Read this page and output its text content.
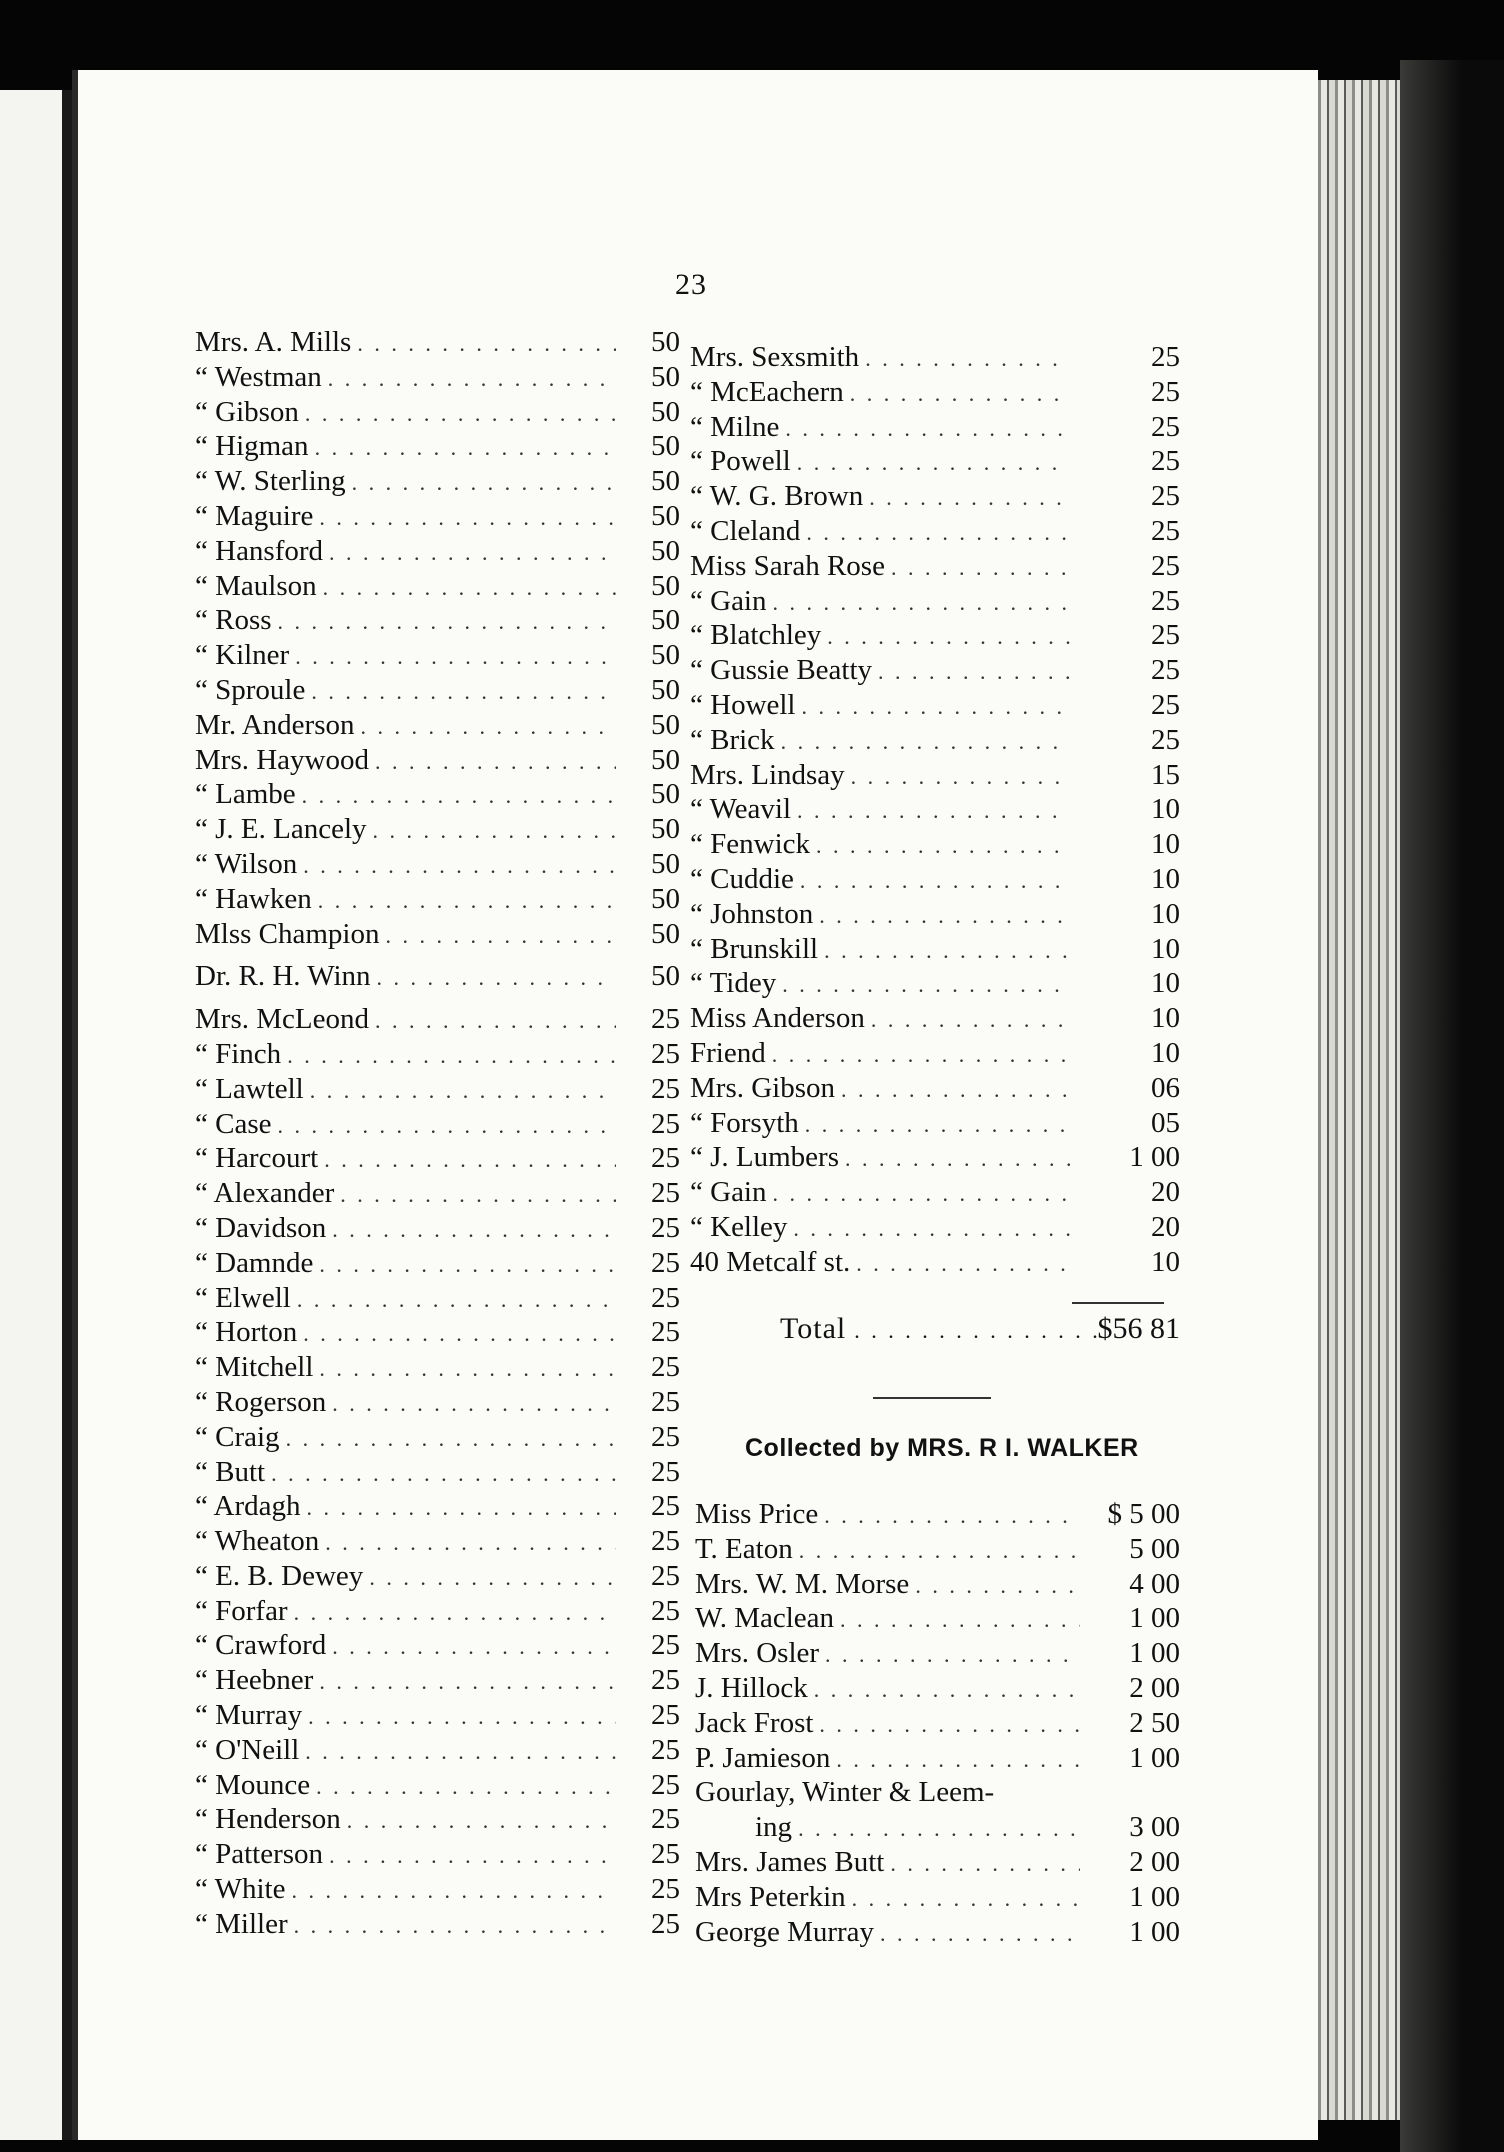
23
Mrs. A. Mills . . .	50
“ Westman . . .	50
“ Gibson . . .	50
“ Higman . . .	50
“ W. Sterling . . .	50
“ Maguire . . .	50
“ Hansford . . .	50
“ Maulson . . .	50
“ Ross . . .	50
“ Kilner . . .	50
“ Sproule . . .	50
Mr. Anderson . . .	50
Mrs. Haywood . . .	50
“ Lambe . . .	50
“ J. E. Lancely . . .	50
“ Wilson . . .	50
“ Hawken . . .	50
Mlss Champion . . .	50
Dr. R. H. Winn . . .	50
Mrs. McLeond . . .	25
“ Finch . . .	25
“ Lawtell . . .	25
“ Case . . .	25
“ Harcourt . . .	25
“ Alexander . . .	25
“ Davidson . . .	25
“ Damnde . . .	25
“ Elwell . . .	25
“ Horton . . .	25
“ Mitchell . . .	25
“ Rogerson . . .	25
“ Craig . . .	25
“ Butt . . .	25
“ Ardagh . . .	25
“ Wheaton . . .	25
“ E. B. Dewey . . .	25
“ Forfar . . .	25
“ Crawford . . .	25
“ Heebner . . .	25
“ Murray . . .	25
“ O'Neill . . .	25
“ Mounce . . .	25
“ Henderson . . .	25
“ Patterson . . .	25
“ White . . .	25
“ Miller . . .	25
Mrs. Sexsmith . . .	25
“ McEachern . . .	25
“ Milne . . .	25
“ Powell . . .	25
“ W. G. Brown . . .	25
“ Cleland . . .	25
Miss Sarah Rose . . .	25
“ Gain . . .	25
“ Blatchley . . .	25
“ Gussie Beatty . . .	25
“ Howell . . .	25
“ Brick . . .	25
Mrs. Lindsay . . .	15
“ Weavil . . .	10
“ Fenwick . . .	10
“ Cuddie . . .	10
“ Johnston . . .	10
“ Brunskill . . .	10
“ Tidey . . .	10
Miss Anderson . . .	10
Friend . . .	10
Mrs. Gibson . . .	06
“ Forsyth . . .	05
“ J. Lumbers . . .	1 00
“ Gain . . .	20
“ Kelley . . .	20
40 Metcalf st. . . .	10
Total . . .	$56 81
Collected by MRS. R I. WALKER
Miss Price . . .	$ 5 00
T. Eaton . . .	5 00
Mrs. W. M. Morse . . .	4 00
W. Maclean . . .	1 00
Mrs. Osler . . .	1 00
J. Hillock . . .	2 00
Jack Frost . . .	2 50
P. Jamieson . . .	1 00
Gourlay, Winter & Leem-
ing . . .	3 00
Mrs. James Butt . . .	2 00
Mrs Peterkin . . .	1 00
George Murray . . .	1 00
